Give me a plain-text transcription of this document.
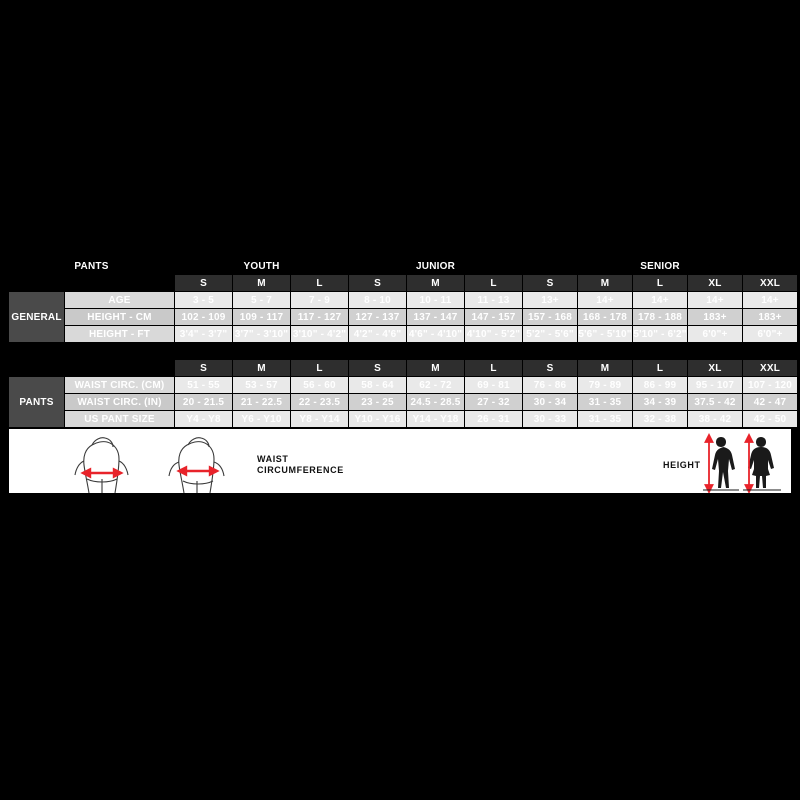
PANTS		YOUTH			JUNIOR			SENIOR				
		S	M	L	S	M	L	S	M	L	XL	XXL
GENERAL	AGE	3 - 5	5 - 7	7 - 9	8 - 10	10 - 11	11 - 13	13+	14+	14+	14+	14+
	HEIGHT - CM	102 - 109	109 - 117	117 - 127	127 - 137	137 - 147	147 - 157	157 - 168	168 - 178	178 - 188	183+	183+
	HEIGHT - FT	3'4" - 3'7"	3'7" - 3'10"	3'10" - 4'2"	4'2" - 4'6"	4'6" - 4'10"	4'10" - 5'2"	5'2" - 5'6"	5'6" - 5'10"	5'10" - 6'2"	6'0"+	6'0"+

		S	M	L	S	M	L	S	M	L	XL	XXL
PANTS	WAIST CIRC. (CM)	51 - 55	53 - 57	56 - 60	58 - 64	62 - 72	69 - 81	76 - 86	79 - 89	86 - 99	95 - 107	107 - 120
	WAIST CIRC. (IN)	20 - 21.5	21 - 22.5	22 - 23.5	23 - 25	24.5 - 28.5	27 - 32	30 - 34	31 - 35	34 - 39	37.5 - 42	42 - 47
	US PANT SIZE	Y4 - Y8	Y6 - Y10	Y8 - Y14	Y10 - Y16	Y14 - Y18	26 - 31	30 - 33	31 - 35	32 - 38	38 - 42	42 - 50
WAIST
CIRCUMFERENCE	HEIGHT
